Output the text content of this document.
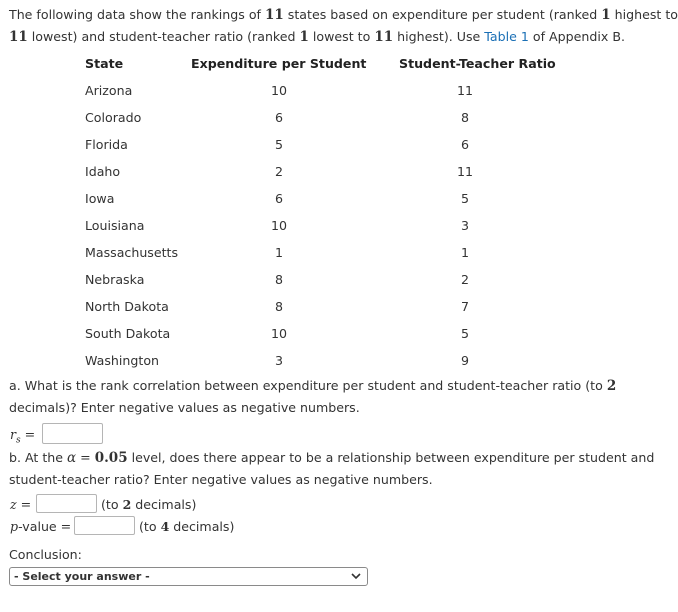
The following data show the rankings of 11 states based on expenditure per student (ranked 1 highest to
11 lowest) and student-teacher ratio (ranked 1 lowest to 11 highest). Use Table 1 of Appendix B.
State	Expenditure per Student	Student-Teacher Ratio
Arizona	10	11
Colorado	6	8
Florida	5	6
Idaho	2	11
Iowa	6	5
Louisiana	10	3
Massachusetts	1	1
Nebraska	8	2
North Dakota	8	7
South Dakota	10	5
Washington	3	9
a. What is the rank correlation between expenditure per student and student-teacher ratio (to 2
decimals)? Enter negative values as negative numbers.
$r_s$ =
b. At the α = 0.05 level, does there appear to be a relationship between expenditure per student and
student-teacher ratio? Enter negative values as negative numbers.
z =	(to 2 decimals)
p-value =	(to 4 decimals)
Conclusion:
- Select your answer -
